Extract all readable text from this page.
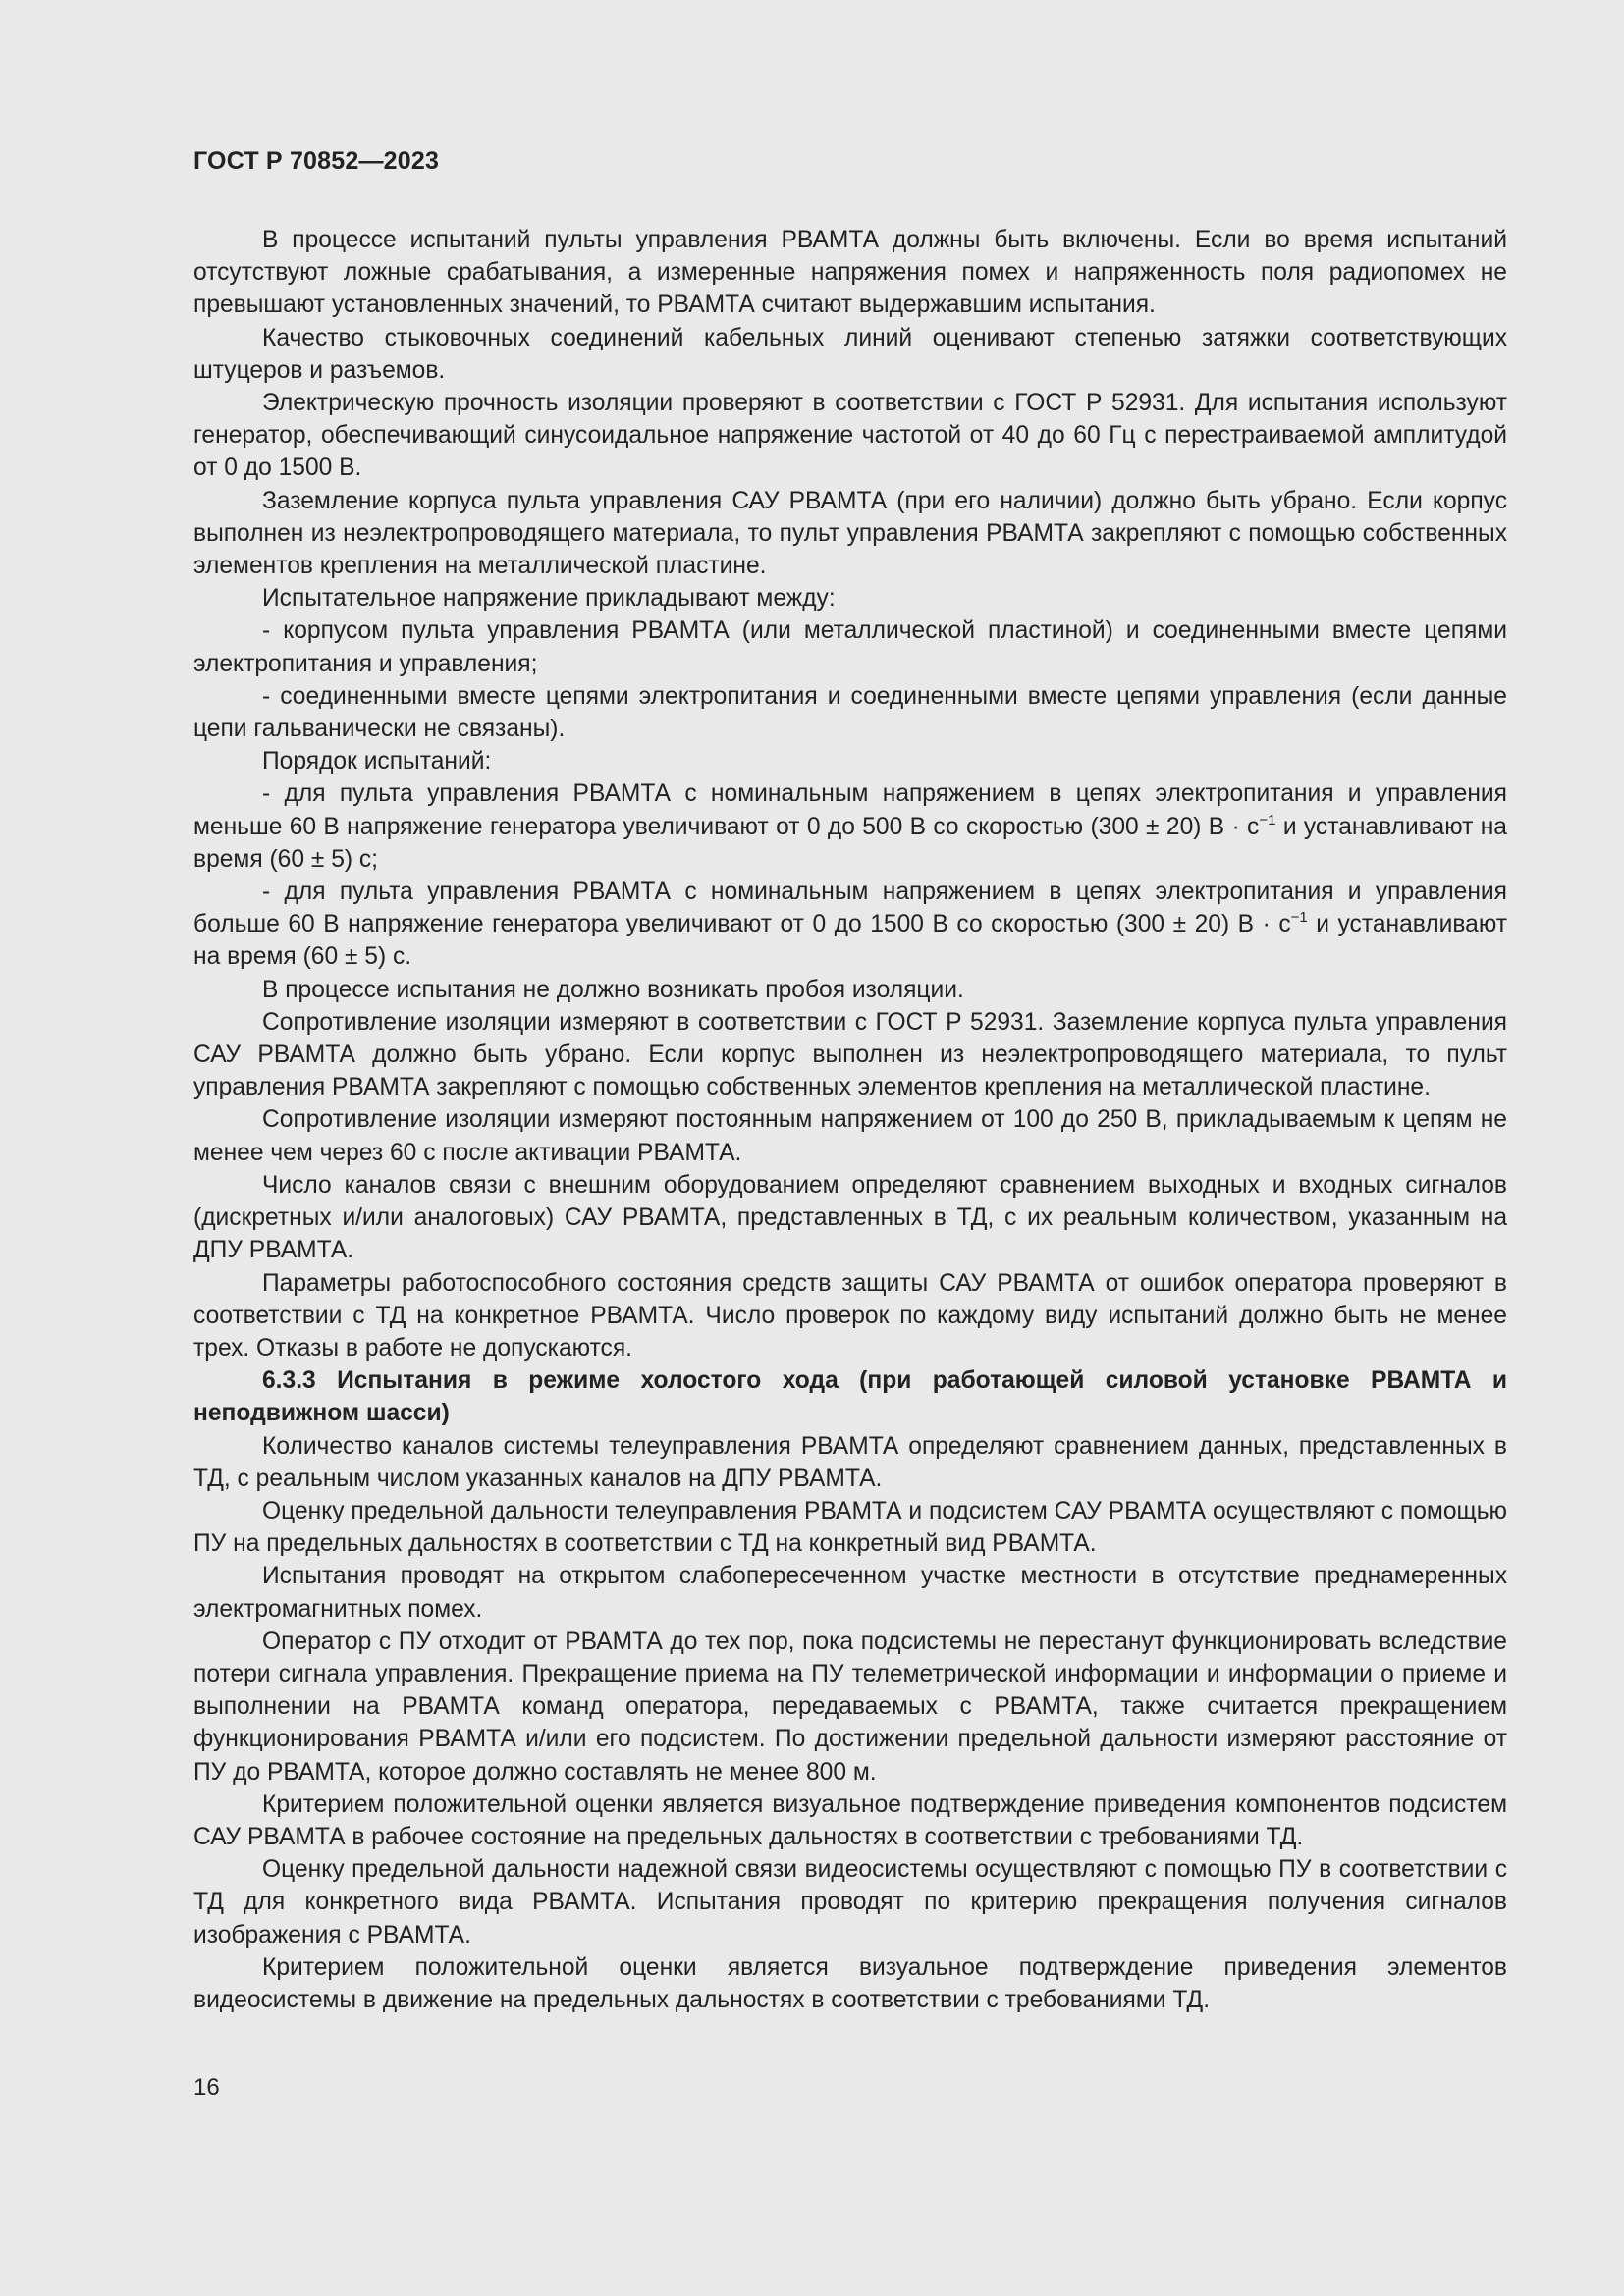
ГОСТ Р 70852—2023

В процессе испытаний пульты управления РВАМТА должны быть включены. Если во время испытаний отсутствуют ложные срабатывания, а измеренные напряжения помех и напряженность поля радиопомех не превышают установленных значений, то РВАМТА считают выдержавшим испытания.

Качество стыковочных соединений кабельных линий оценивают степенью затяжки соответствующих штуцеров и разъемов.

Электрическую прочность изоляции проверяют в соответствии с ГОСТ Р 52931. Для испытания используют генератор, обеспечивающий синусоидальное напряжение частотой от 40 до 60 Гц с перестраиваемой амплитудой от 0 до 1500 В.

Заземление корпуса пульта управления САУ РВАМТА (при его наличии) должно быть убрано. Если корпус выполнен из неэлектропроводящего материала, то пульт управления РВАМТА закрепляют с помощью собственных элементов крепления на металлической пластине.

Испытательное напряжение прикладывают между:

- корпусом пульта управления РВАМТА (или металлической пластиной) и соединенными вместе цепями электропитания и управления;

- соединенными вместе цепями электропитания и соединенными вместе цепями управления (если данные цепи гальванически не связаны).

Порядок испытаний:

- для пульта управления РВАМТА с номинальным напряжением в цепях электропитания и управления меньше 60 В напряжение генератора увеличивают от 0 до 500 В со скоростью (300 ± 20) $В \cdot с^{-1}$ и устанавливают на время (60 ± 5) с;

- для пульта управления РВАМТА с номинальным напряжением в цепях электропитания и управления больше 60 В напряжение генератора увеличивают от 0 до 1500 В со скоростью (300 ± 20) $В \cdot с^{-1}$ и устанавливают на время (60 ± 5) с.

В процессе испытания не должно возникать пробоя изоляции.

Сопротивление изоляции измеряют в соответствии с ГОСТ Р 52931. Заземление корпуса пульта управления САУ РВАМТА должно быть убрано. Если корпус выполнен из неэлектропроводящего материала, то пульт управления РВАМТА закрепляют с помощью собственных элементов крепления на металлической пластине.

Сопротивление изоляции измеряют постоянным напряжением от 100 до 250 В, прикладываемым к цепям не менее чем через 60 с после активации РВАМТА.

Число каналов связи с внешним оборудованием определяют сравнением выходных и входных сигналов (дискретных и/или аналоговых) САУ РВАМТА, представленных в ТД, с их реальным количеством, указанным на ДПУ РВАМТА.

Параметры работоспособного состояния средств защиты САУ РВАМТА от ошибок оператора проверяют в соответствии с ТД на конкретное РВАМТА. Число проверок по каждому виду испытаний должно быть не менее трех. Отказы в работе не допускаются.

6.3.3 Испытания в режиме холостого хода (при работающей силовой установке РВАМТА и неподвижном шасси)

Количество каналов системы телеуправления РВАМТА определяют сравнением данных, представленных в ТД, с реальным числом указанных каналов на ДПУ РВАМТА.

Оценку предельной дальности телеуправления РВАМТА и подсистем САУ РВАМТА осуществляют с помощью ПУ на предельных дальностях в соответствии с ТД на конкретный вид РВАМТА.

Испытания проводят на открытом слабопересеченном участке местности в отсутствие преднамеренных электромагнитных помех.

Оператор с ПУ отходит от РВАМТА до тех пор, пока подсистемы не перестанут функционировать вследствие потери сигнала управления. Прекращение приема на ПУ телеметрической информации и информации о приеме и выполнении на РВАМТА команд оператора, передаваемых с РВАМТА, также считается прекращением функционирования РВАМТА и/или его подсистем. По достижении предельной дальности измеряют расстояние от ПУ до РВАМТА, которое должно составлять не менее 800 м.

Критерием положительной оценки является визуальное подтверждение приведения компонентов подсистем САУ РВАМТА в рабочее состояние на предельных дальностях в соответствии с требованиями ТД.

Оценку предельной дальности надежной связи видеосистемы осуществляют с помощью ПУ в соответствии с ТД для конкретного вида РВАМТА. Испытания проводят по критерию прекращения получения сигналов изображения с РВАМТА.

Критерием положительной оценки является визуальное подтверждение приведения элементов видеосистемы в движение на предельных дальностях в соответствии с требованиями ТД.

16
